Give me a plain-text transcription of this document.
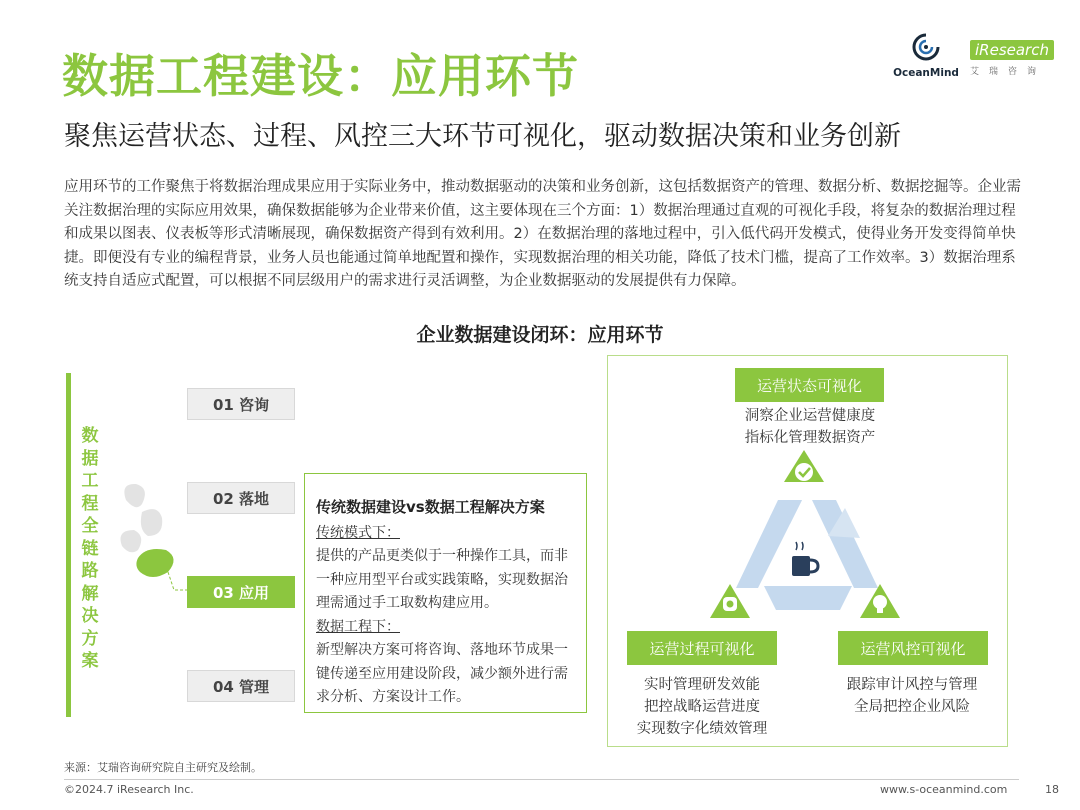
数据工程建设：应用环节
聚焦运营状态、过程、风控三大环节可视化，驱动数据决策和业务创新
OceanMind
iResearch
艾瑞咨询
应用环节的工作聚焦于将数据治理成果应用于实际业务中，推动数据驱动的决策和业务创新，这包括数据资产的管理、数据分析、数据挖掘等。企业需关注数据治理的实际应用效果，确保数据能够为企业带来价值，这主要体现在三个方面：1）数据治理通过直观的可视化手段，将复杂的数据治理过程和成果以图表、仪表板等形式清晰展现，确保数据资产得到有效利用。2）在数据治理的落地过程中，引入低代码开发模式，使得业务开发变得简单快捷。即便没有专业的编程背景，业务人员也能通过简单地配置和操作，实现数据治理的相关功能，降低了技术门槛，提高了工作效率。3）数据治理系统支持自适应式配置，可以根据不同层级用户的需求进行灵活调整，为企业数据驱动的发展提供有力保障。
企业数据建设闭环：应用环节
数据工程全链路解决方案
01 咨询
02 落地
03 应用
04 管理
传统数据建设vs数据工程解决方案
传统模式下：
提供的产品更类似于一种操作工具，而非一种应用型平台或实践策略，实现数据治理需通过手工取数构建应用。
数据工程下：
新型解决方案可将咨询、落地环节成果一键传递至应用建设阶段，减少额外进行需求分析、方案设计工作。
运营状态可视化
洞察企业运营健康度
指标化管理数据资产
运营过程可视化
实时管理研发效能
把控战略运营进度
实现数字化绩效管理
运营风控可视化
跟踪审计风控与管理
全局把控企业风险
来源：艾瑞咨询研究院自主研究及绘制。
©2024.7 iResearch Inc.	www.s-oceanmind.com	18
